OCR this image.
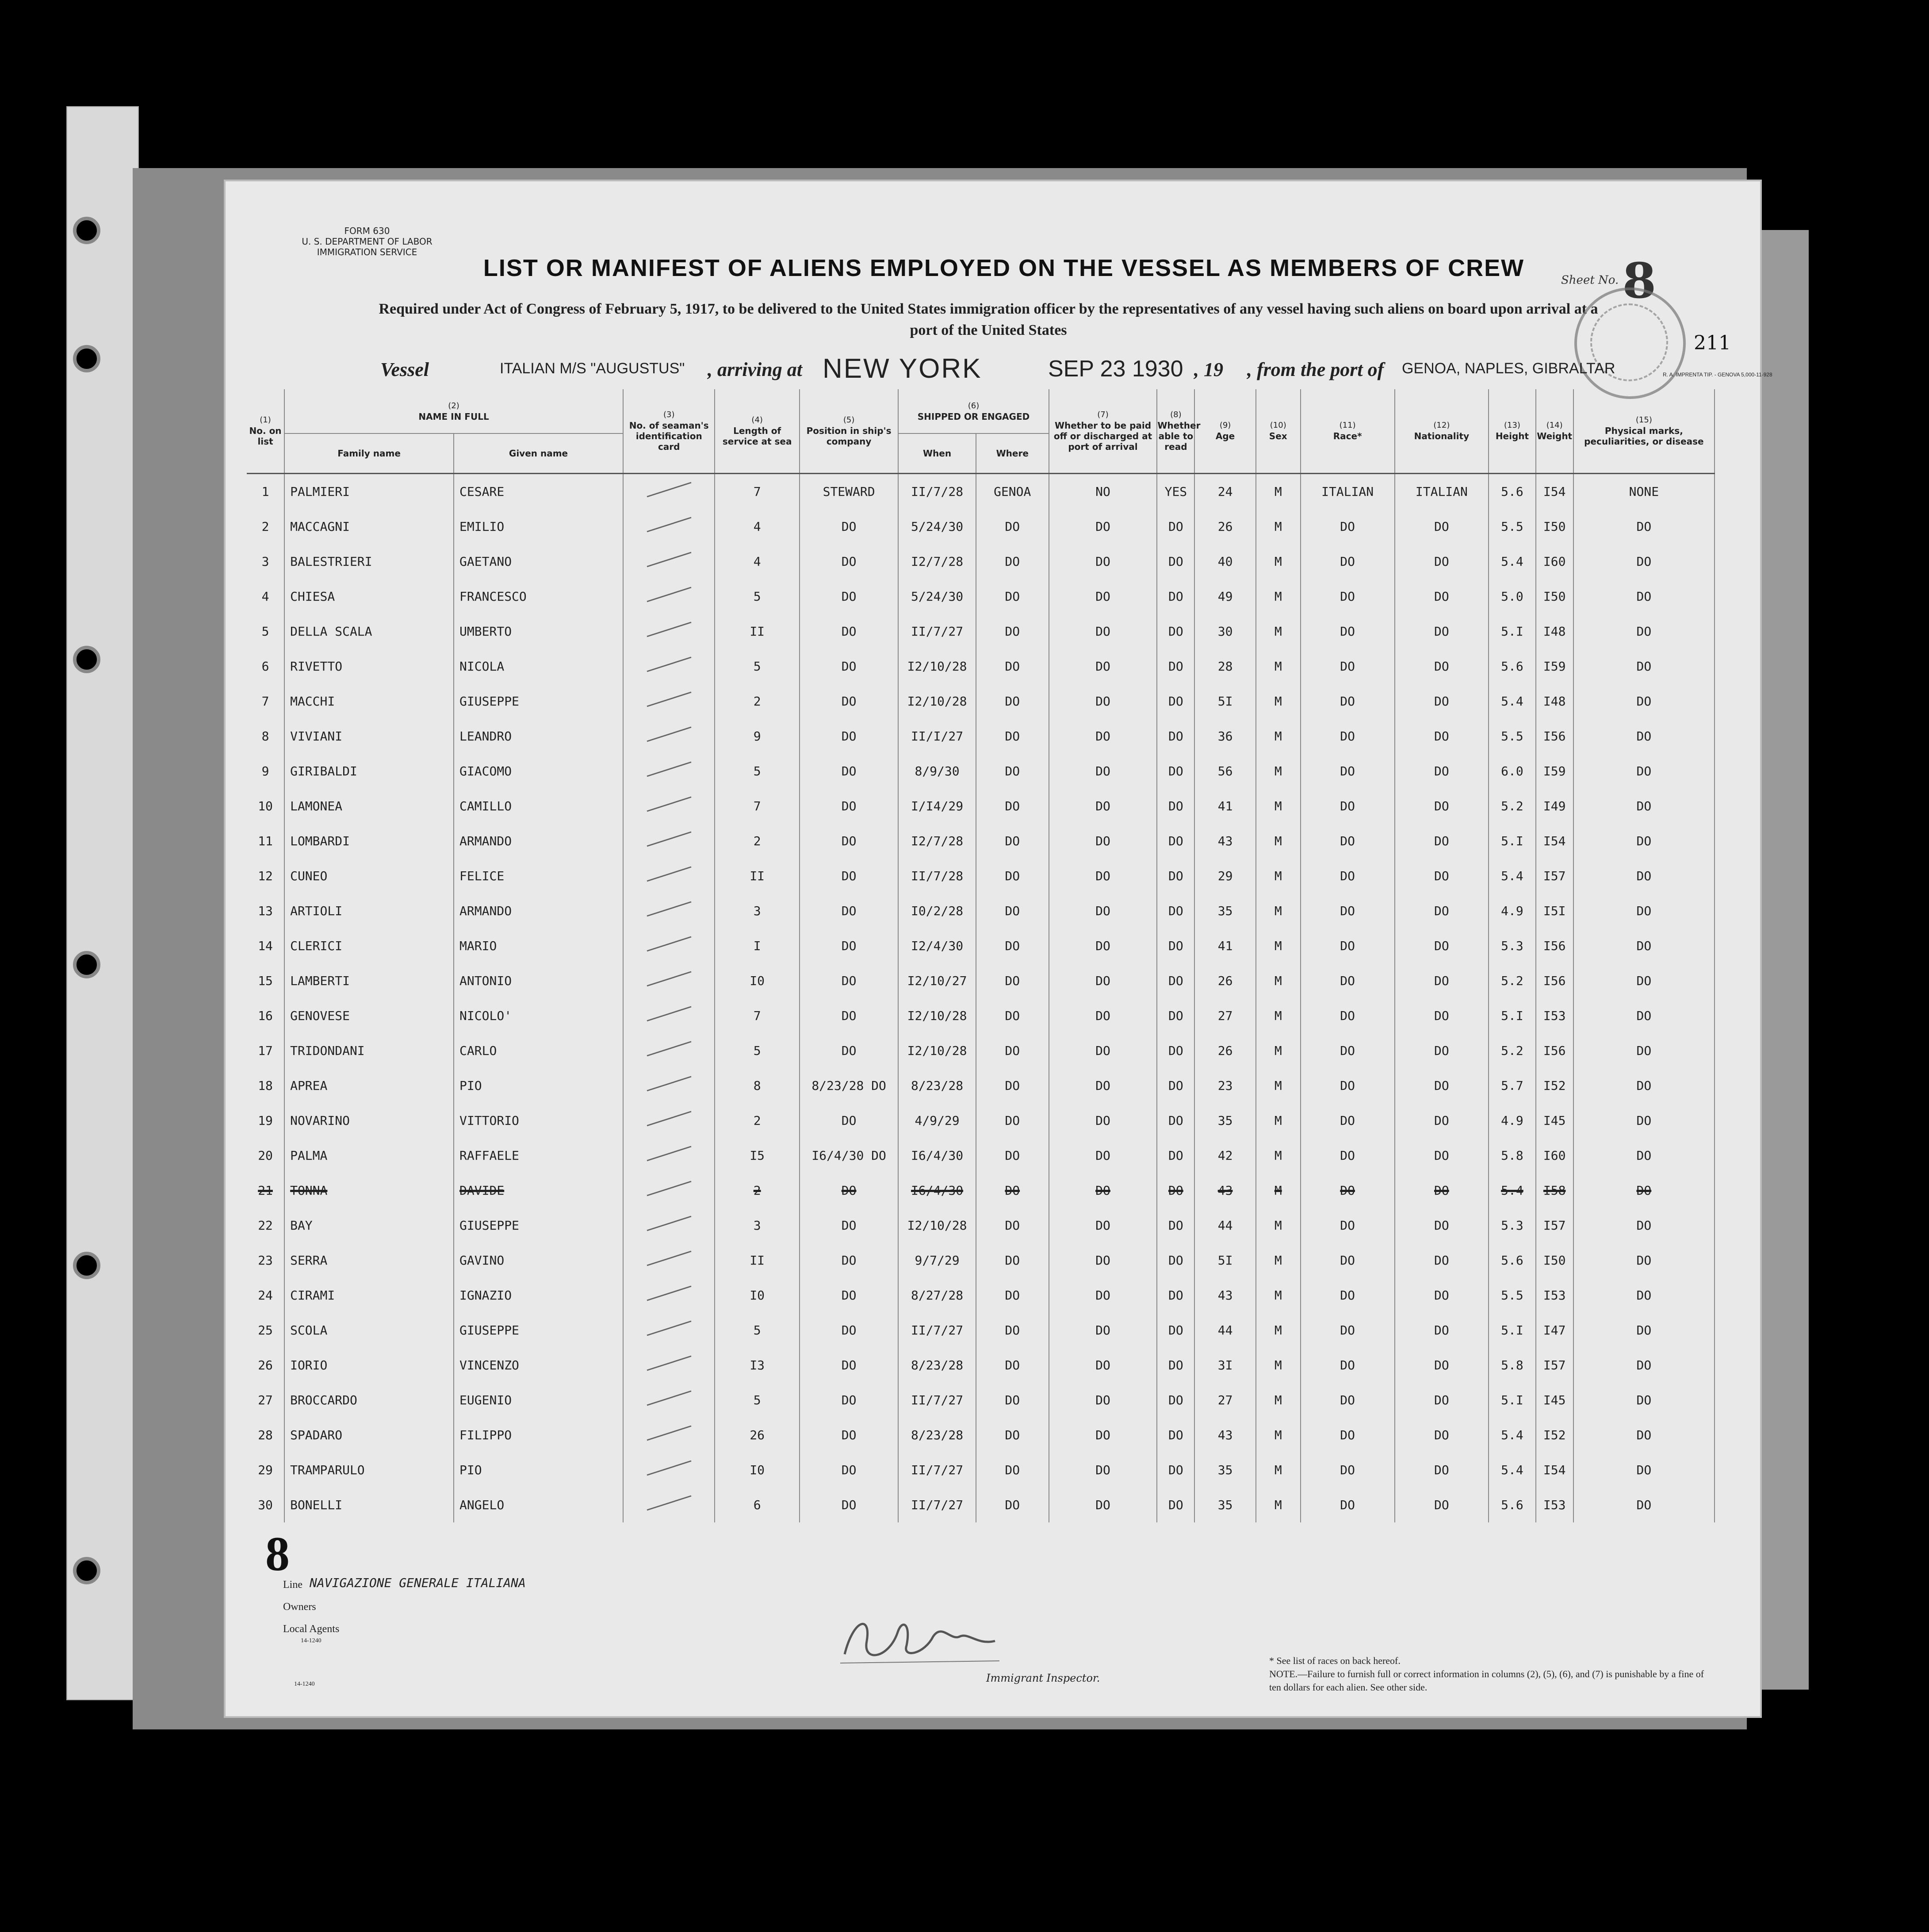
FORM 630
U. S. DEPARTMENT OF LABOR
IMMIGRATION SERVICE
LIST OR MANIFEST OF ALIENS EMPLOYED ON THE VESSEL AS MEMBERS OF CREW
Required under Act of Congress of February 5, 1917, to be delivered to the United States immigration officer by the representatives of any vessel having such aliens on board upon arrival at a
port of the United States
Sheet No. 8
211
Vessel	ITALIAN M/S "AUGUSTUS" , arriving at NEW YORK	SEP 23 1930 , 19 , from the port of GENOA, NAPLES, GIBRALTAR	R. A. IMPRENTA TIP. - GENOVA 5,000-11-928
(1)
No. on list	(2)
NAME IN FULL		(3)
No. of seaman's identification card	(4)
Length of service at sea	(5)
Position in ship's company	(6)
SHIPPED OR ENGAGED		(7)
Whether to be paid off or discharged at port of arrival	(8)
Whether able to read	(9)
Age	(10)
Sex	(11)
Race*	(12)
Nationality	(13)
Height	(14)
Weight	(15)
Physical marks, peculiarities, or disease
	Family name	Given name				When	Where									
1	PALMIERI	CESARE		7	STEWARD	II/7/28	GENOA	NO	YES	24	M	ITALIAN	ITALIAN	5.6	I54	NONE
2	MACCAGNI	EMILIO		4	DO	5/24/30	DO	DO	DO	26	M	DO	DO	5.5	I50	DO
3	BALESTRIERI	GAETANO		4	DO	I2/7/28	DO	DO	DO	40	M	DO	DO	5.4	I60	DO
4	CHIESA	FRANCESCO		5	DO	5/24/30	DO	DO	DO	49	M	DO	DO	5.0	I50	DO
5	DELLA SCALA	UMBERTO		II	DO	II/7/27	DO	DO	DO	30	M	DO	DO	5.I	I48	DO
6	RIVETTO	NICOLA		5	DO	I2/10/28	DO	DO	DO	28	M	DO	DO	5.6	I59	DO
7	MACCHI	GIUSEPPE		2	DO	I2/10/28	DO	DO	DO	5I	M	DO	DO	5.4	I48	DO
8	VIVIANI	LEANDRO		9	DO	II/I/27	DO	DO	DO	36	M	DO	DO	5.5	I56	DO
9	GIRIBALDI	GIACOMO		5	DO	8/9/30	DO	DO	DO	56	M	DO	DO	6.0	I59	DO
10	LAMONEA	CAMILLO		7	DO	I/I4/29	DO	DO	DO	41	M	DO	DO	5.2	I49	DO
11	LOMBARDI	ARMANDO		2	DO	I2/7/28	DO	DO	DO	43	M	DO	DO	5.I	I54	DO
12	CUNEO	FELICE		II	DO	II/7/28	DO	DO	DO	29	M	DO	DO	5.4	I57	DO
13	ARTIOLI	ARMANDO		3	DO	I0/2/28	DO	DO	DO	35	M	DO	DO	4.9	I5I	DO
14	CLERICI	MARIO		I	DO	I2/4/30	DO	DO	DO	41	M	DO	DO	5.3	I56	DO
15	LAMBERTI	ANTONIO		I0	DO	I2/10/27	DO	DO	DO	26	M	DO	DO	5.2	I56	DO
16	GENOVESE	NICOLO'		7	DO	I2/10/28	DO	DO	DO	27	M	DO	DO	5.I	I53	DO
17	TRIDONDANI	CARLO		5	DO	I2/10/28	DO	DO	DO	26	M	DO	DO	5.2	I56	DO
18	APREA	PIO		8	8/23/28 DO	8/23/28	DO	DO	DO	23	M	DO	DO	5.7	I52	DO
19	NOVARINO	VITTORIO		2	DO	4/9/29	DO	DO	DO	35	M	DO	DO	4.9	I45	DO
20	PALMA	RAFFAELE		I5	I6/4/30 DO	I6/4/30	DO	DO	DO	42	M	DO	DO	5.8	I60	DO
21	TONNA	DAVIDE		2	DO	I6/4/30	DO	DO	DO	43	M	DO	DO	5.4	I58	DO
22	BAY	GIUSEPPE		3	DO	I2/10/28	DO	DO	DO	44	M	DO	DO	5.3	I57	DO
23	SERRA	GAVINO		II	DO	9/7/29	DO	DO	DO	5I	M	DO	DO	5.6	I50	DO
24	CIRAMI	IGNAZIO		I0	DO	8/27/28	DO	DO	DO	43	M	DO	DO	5.5	I53	DO
25	SCOLA	GIUSEPPE		5	DO	II/7/27	DO	DO	DO	44	M	DO	DO	5.I	I47	DO
26	IORIO	VINCENZO		I3	DO	8/23/28	DO	DO	DO	3I	M	DO	DO	5.8	I57	DO
27	BROCCARDO	EUGENIO		5	DO	II/7/27	DO	DO	DO	27	M	DO	DO	5.I	I45	DO
28	SPADARO	FILIPPO		26	DO	8/23/28	DO	DO	DO	43	M	DO	DO	5.4	I52	DO
29	TRAMPARULO	PIO		I0	DO	II/7/27	DO	DO	DO	35	M	DO	DO	5.4	I54	DO
30	BONELLI	ANGELO		6	DO	II/7/27	DO	DO	DO	35	M	DO	DO	5.6	I53	DO
8
Line NAVIGAZIONE GENERALE ITALIANA
Owners
Local Agents
14-1240
14-1240	Immigrant Inspector.
* See list of races on back hereof.
NOTE.—Failure to furnish full or correct information in columns (2), (5), (6), and (7) is punishable by a fine of ten dollars for each alien. See other side.
